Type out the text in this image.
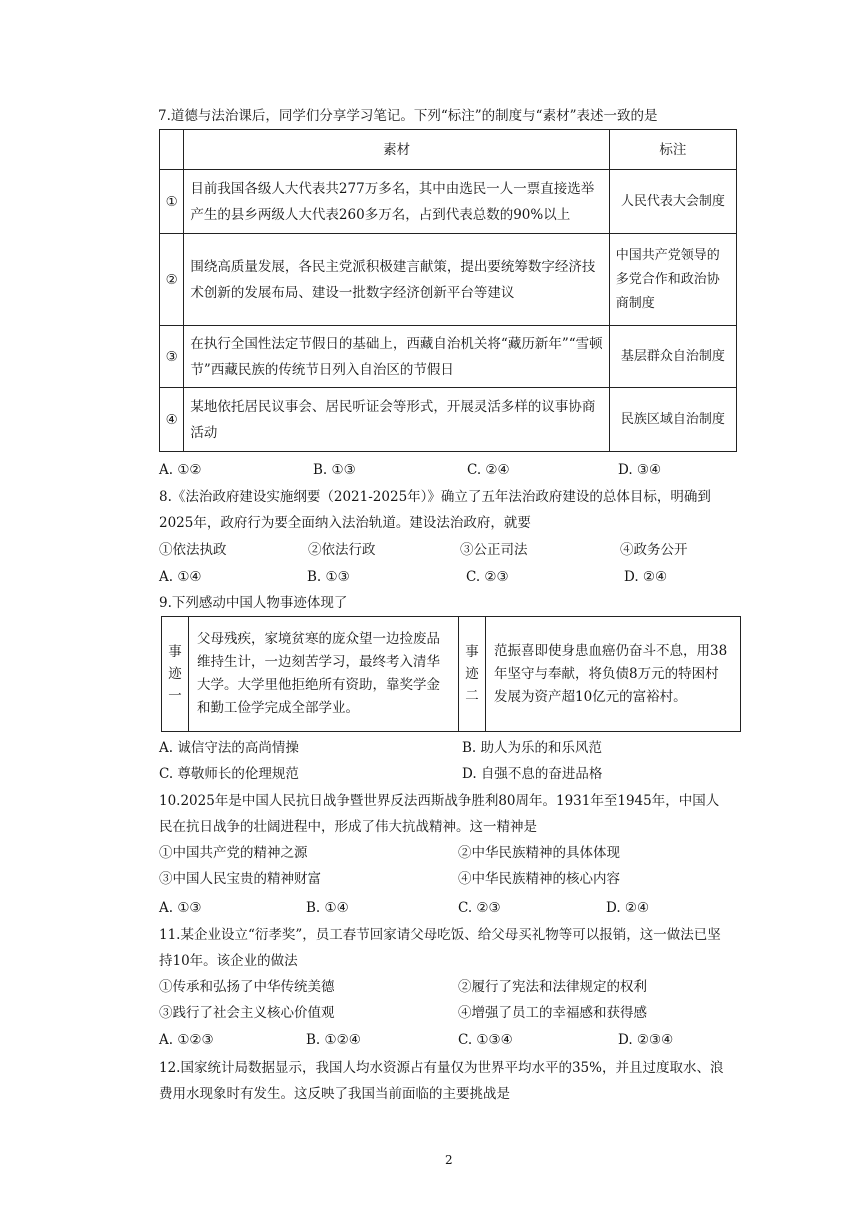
7.道德与法治课后，同学们分享学习笔记。下列“标注”的制度与“素材”表述一致的是
	素材	标注
①	目前我国各级人大代表共277万多名，其中由选民一人一票直接选举产生的县乡两级人大代表260多万名，占到代表总数的90%以上	人民代表大会制度
②	围绕高质量发展，各民主党派积极建言献策，提出要统筹数字经济技术创新的发展布局、建设一批数字经济创新平台等建议	中国共产党领导的多党合作和政治协商制度
③	在执行全国性法定节假日的基础上，西藏自治机关将“藏历新年”“雪顿节”西藏民族的传统节日列入自治区的节假日	基层群众自治制度
④	某地依托居民议事会、居民听证会等形式，开展灵活多样的议事协商活动	民族区域自治制度
A. ①②	B. ①③	C. ②④	D. ③④
8.《法治政府建设实施纲要（2021-2025年）》确立了五年法治政府建设的总体目标，明确到
2025年，政府行为要全面纳入法治轨道。建设法治政府，就要
①依法执政	②依法行政	③公正司法	④政务公开
A. ①④	B. ①③	C. ②③	D. ②④
9.下列感动中国人物事迹体现了
事迹一	父母残疾，家境贫寒的庞众望一边捡废品维持生计，一边刻苦学习，最终考入清华大学。大学里他拒绝所有资助，靠奖学金和勤工俭学完成全部学业。	事迹二	范振喜即使身患血癌仍奋斗不息，用38年坚守与奉献，将负债8万元的特困村发展为资产超10亿元的富裕村。
A. 诚信守法的高尚情操	B. 助人为乐的和乐风范
C. 尊敬师长的伦理规范	D. 自强不息的奋进品格
10.2025年是中国人民抗日战争暨世界反法西斯战争胜利80周年。1931年至1945年，中国人
民在抗日战争的壮阔进程中，形成了伟大抗战精神。这一精神是
①中国共产党的精神之源	②中华民族精神的具体体现
③中国人民宝贵的精神财富	④中华民族精神的核心内容
A. ①③	B. ①④	C. ②③	D. ②④
11.某企业设立“衍孝奖”，员工春节回家请父母吃饭、给父母买礼物等可以报销，这一做法已坚
持10年。该企业的做法
①传承和弘扬了中华传统美德	②履行了宪法和法律规定的权利
③践行了社会主义核心价值观	④增强了员工的幸福感和获得感
A. ①②③	B. ①②④	C. ①③④	D. ②③④
12.国家统计局数据显示，我国人均水资源占有量仅为世界平均水平的35%，并且过度取水、浪
费用水现象时有发生。这反映了我国当前面临的主要挑战是
2
